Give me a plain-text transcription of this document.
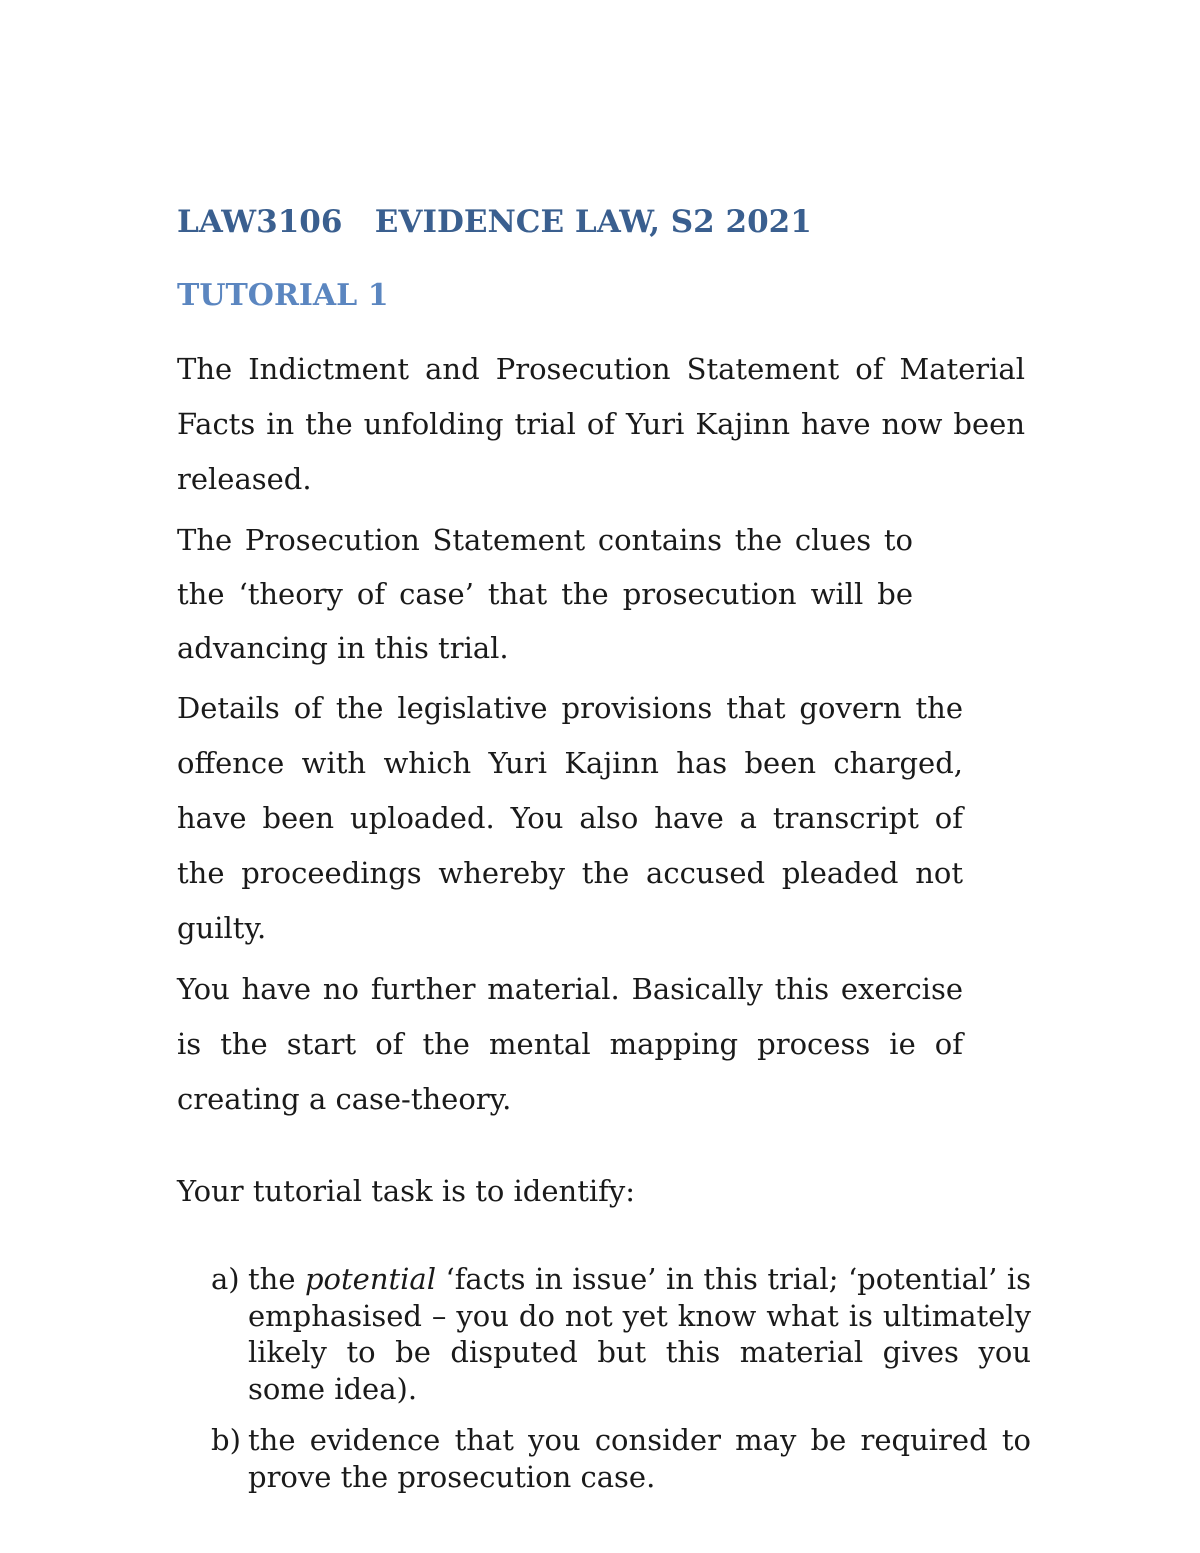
LAW3106   EVIDENCE LAW, S2 2021
TUTORIAL 1

The Indictment and Prosecution Statement of Material Facts in the unfolding trial of Yuri Kajinn have now been released.

The Prosecution Statement contains the clues to the ‘theory of case’ that the prosecution will be advancing in this trial.

Details of the legislative provisions that govern the offence with which Yuri Kajinn has been charged, have been uploaded. You also have a transcript of the proceedings whereby the accused pleaded not guilty.

You have no further material. Basically this exercise is the start of the mental mapping process ie of creating a case-theory.

Your tutorial task is to identify:

a) the potential ‘facts in issue’ in this trial; ‘potential’ is emphasised – you do not yet know what is ultimately likely to be disputed but this material gives you some idea).
b) the evidence that you consider may be required to prove the prosecution case.
